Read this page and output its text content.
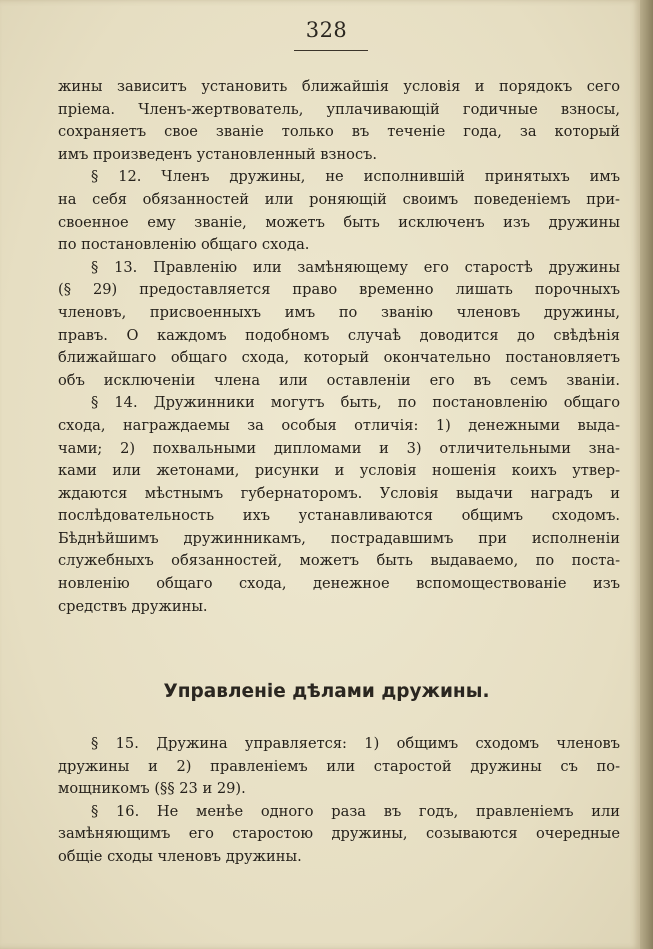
328
жины зависитъ установить ближайшія условія и порядокъ сего
пріема. Членъ-жертвователь, уплачивающій годичные взносы,
сохраняетъ свое званіе только въ теченіе года, за который
имъ произведенъ установленный взносъ.
§ 12. Членъ дружины, не исполнившій принятыхъ имъ
на себя обязанностей или роняющій своимъ поведеніемъ при-
своенное ему званіе, можетъ быть исключенъ изъ дружины
по постановленію общаго схода.
§ 13. Правленію или замѣняющему его старостѣ дружины
(§ 29) предоставляется право временно лишать порочныхъ
членовъ, присвоенныхъ имъ по званію членовъ дружины,
правъ. О каждомъ подобномъ случаѣ доводится до свѣдѣнія
ближайшаго общаго схода, который окончательно постановляетъ
объ исключеніи члена или оставленіи его въ семъ званіи.
§ 14. Дружинники могутъ быть, по постановленію общаго
схода, награждаемы за особыя отличія: 1) денежными выда-
чами; 2) похвальными дипломами и 3) отличительными зна-
ками или жетонами, рисунки и условія ношенія коихъ утвер-
ждаются мѣстнымъ губернаторомъ. Условія выдачи наградъ и
послѣдовательность ихъ устанавливаются общимъ сходомъ.
Бѣднѣйшимъ дружинникамъ, пострадавшимъ при исполненіи
служебныхъ обязанностей, можетъ быть выдаваемо, по поста-
новленію общаго схода, денежное вспомоществованіе изъ
средствъ дружины.
Управленіе дѣлами дружины.
§ 15. Дружина управляется: 1) общимъ сходомъ членовъ
дружины и 2) правленіемъ или старостой дружины съ по-
мощникомъ (§§ 23 и 29).
§ 16. Не менѣе одного раза въ годъ, правленіемъ или
замѣняющимъ его старостою дружины, созываются очередные
общіе сходы членовъ дружины.
